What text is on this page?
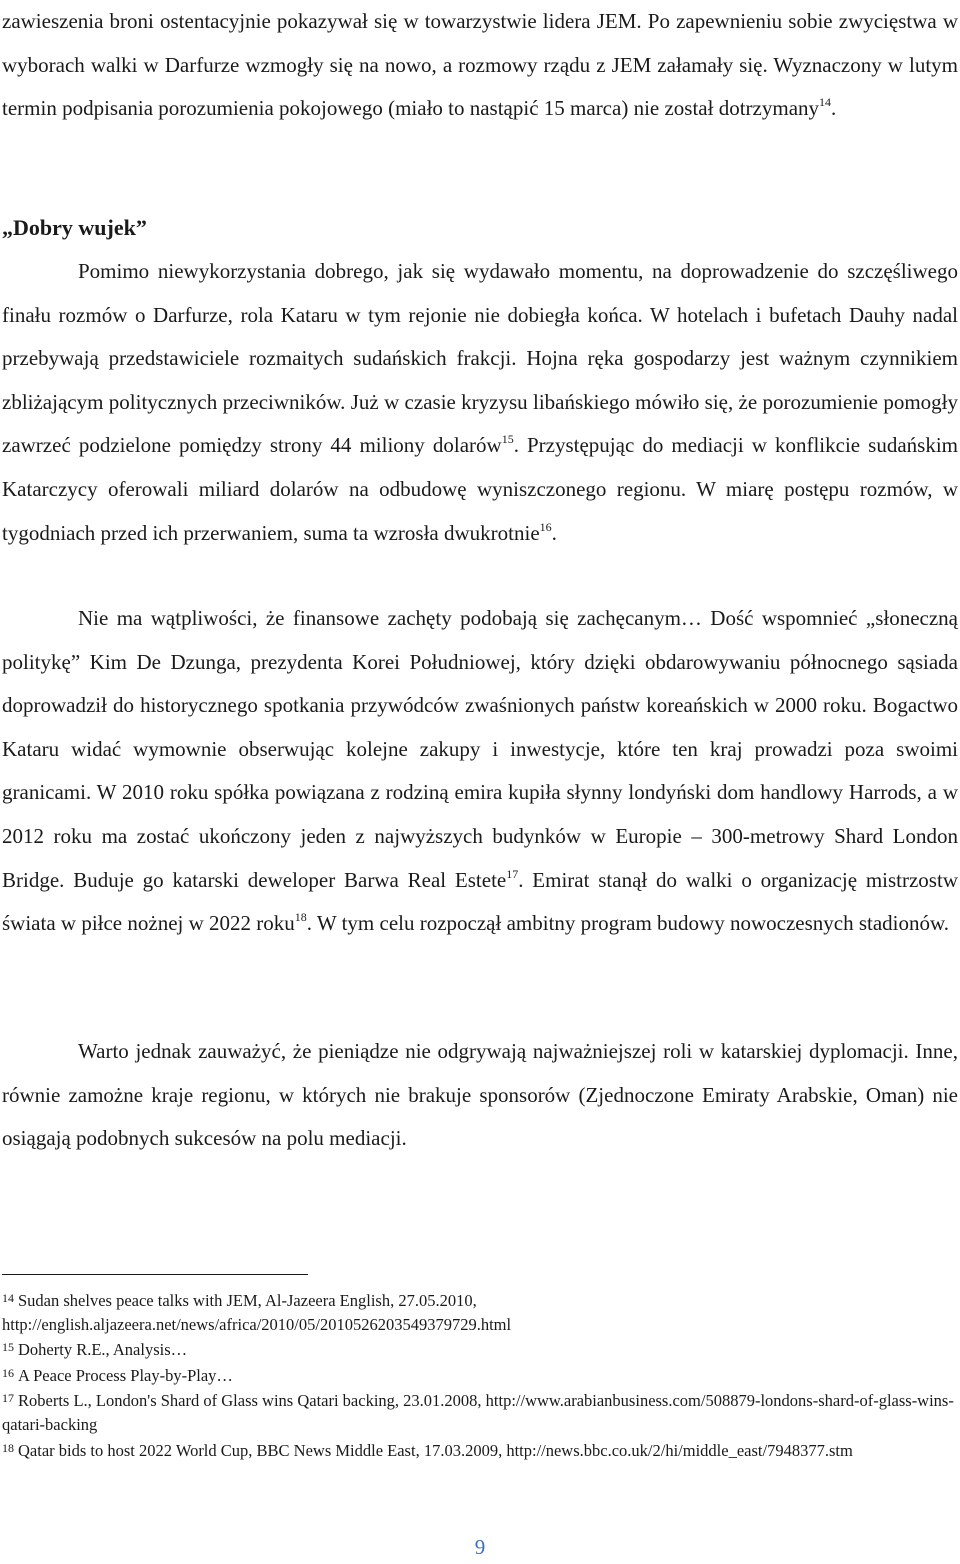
zawieszenia broni ostentacyjnie pokazywał się w towarzystwie lidera JEM. Po zapewnieniu sobie zwycięstwa w wyborach walki w Darfurze wzmogły się na nowo, a rozmowy rządu z JEM załamały się. Wyznaczony w lutym termin podpisania porozumienia pokojowego (miało to nastąpić 15 marca) nie został dotrzymany$^{14}$.

„Dobry wujek”

Pomimo niewykorzystania dobrego, jak się wydawało momentu, na doprowadzenie do szczęśliwego finału rozmów o Darfurze, rola Kataru w tym rejonie nie dobiegła końca. W hotelach i bufetach Dauhy nadal przebywają przedstawiciele rozmaitych sudańskich frakcji. Hojna ręka gospodarzy jest ważnym czynnikiem zbliżającym politycznych przeciwników. Już w czasie kryzysu libańskiego mówiło się, że porozumienie pomogły zawrzeć podzielone pomiędzy strony 44 miliony dolarów$^{15}$. Przystępując do mediacji w konflikcie sudańskim Katarczycy oferowali miliard dolarów na odbudowę wyniszczonego regionu. W miarę postępu rozmów, w tygodniach przed ich przerwaniem, suma ta wzrosła dwukrotnie$^{16}$.

Nie ma wątpliwości, że finansowe zachęty podobają się zachęcanym… Dość wspomnieć „słoneczną politykę” Kim De Dzunga, prezydenta Korei Południowej, który dzięki obdarowywaniu północnego sąsiada doprowadził do historycznego spotkania przywódców zwaśnionych państw koreańskich w 2000 roku. Bogactwo Kataru widać wymownie obserwując kolejne zakupy i inwestycje, które ten kraj prowadzi poza swoimi granicami. W 2010 roku spółka powiązana z rodziną emira kupiła słynny londyński dom handlowy Harrods, a w 2012 roku ma zostać ukończony jeden z najwyższych budynków w Europie – 300-metrowy Shard London Bridge. Buduje go katarski deweloper Barwa Real Estete$^{17}$. Emirat stanął do walki o organizację mistrzostw świata w piłce nożnej w 2022 roku$^{18}$. W tym celu rozpoczął ambitny program budowy nowoczesnych stadionów.

Warto jednak zauważyć, że pieniądze nie odgrywają najważniejszej roli w katarskiej dyplomacji. Inne, równie zamożne kraje regionu, w których nie brakuje sponsorów (Zjednoczone Emiraty Arabskie, Oman) nie osiągają podobnych sukcesów na polu mediacji.

$^{14}$ Sudan shelves peace talks with JEM, Al-Jazeera English, 27.05.2010, http://english.aljazeera.net/news/africa/2010/05/2010526203549379729.html

$^{15}$ Doherty R.E., Analysis…

$^{16}$ A Peace Process Play-by-Play…

$^{17}$ Roberts L., London's Shard of Glass wins Qatari backing, 23.01.2008, http://www.arabianbusiness.com/508879-londons-shard-of-glass-wins-qatari-backing

$^{18}$ Qatar bids to host 2022 World Cup, BBC News Middle East, 17.03.2009, http://news.bbc.co.uk/2/hi/middle_east/7948377.stm

9
